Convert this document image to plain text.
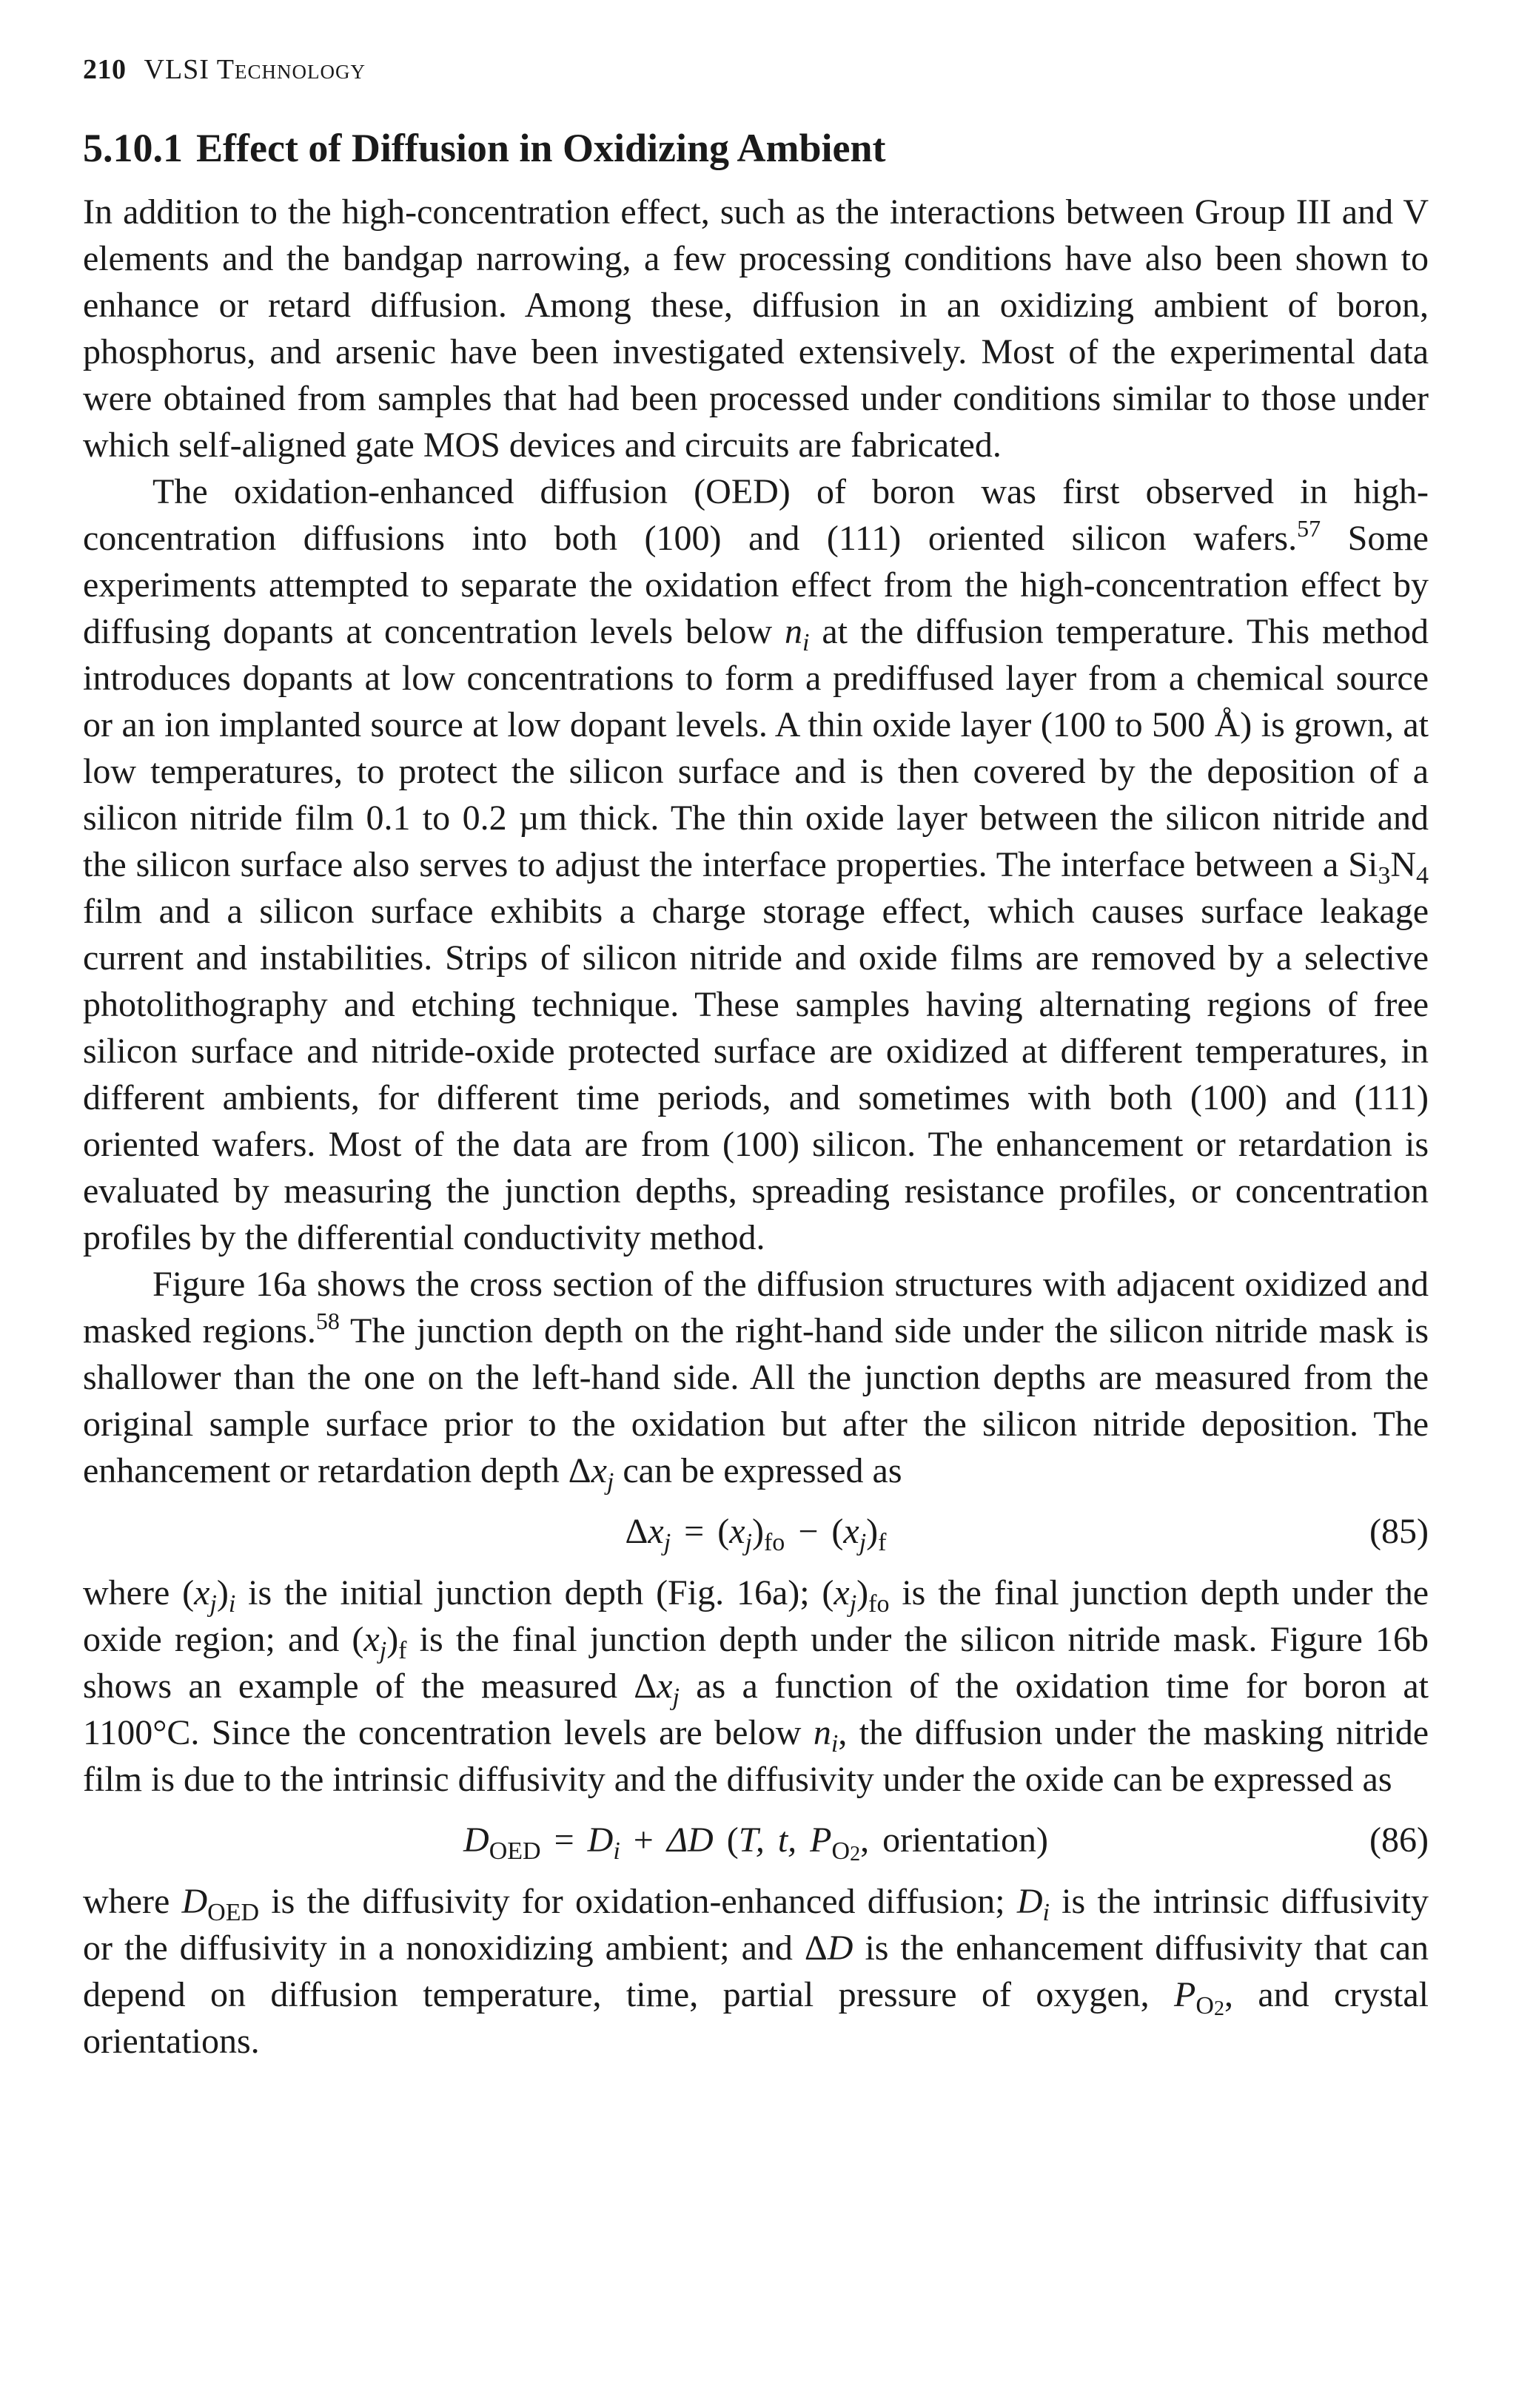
210 VLSI Technology
5.10.1 Effect of Diffusion in Oxidizing Ambient

In addition to the high-concentration effect, such as the interactions between Group III and V elements and the bandgap narrowing, a few processing conditions have also been shown to enhance or retard diffusion. Among these, diffusion in an oxidizing ambient of boron, phosphorus, and arsenic have been investigated extensively. Most of the experimental data were obtained from samples that had been processed under conditions similar to those under which self-aligned gate MOS devices and circuits are fabricated.

The oxidation-enhanced diffusion (OED) of boron was first observed in high-concentration diffusions into both (100) and (111) oriented silicon wafers.$^{57}$ Some experiments attempted to separate the oxidation effect from the high-concentration effect by diffusing dopants at concentration levels below $n_i$ at the diffusion temperature. This method introduces dopants at low concentrations to form a prediffused layer from a chemical source or an ion implanted source at low dopant levels. A thin oxide layer (100 to 500 Å) is grown, at low temperatures, to protect the silicon surface and is then covered by the deposition of a silicon nitride film 0.1 to 0.2 µm thick. The thin oxide layer between the silicon nitride and the silicon surface also serves to adjust the interface properties. The interface between a $Si_3N_4$ film and a silicon surface exhibits a charge storage effect, which causes surface leakage current and instabilities. Strips of silicon nitride and oxide films are removed by a selective photolithography and etching technique. These samples having alternating regions of free silicon surface and nitride-oxide protected surface are oxidized at different temperatures, in different ambients, for different time periods, and sometimes with both (100) and (111) oriented wafers. Most of the data are from (100) silicon. The enhancement or retardation is evaluated by measuring the junction depths, spreading resistance profiles, or concentration profiles by the differential conductivity method.

Figure 16a shows the cross section of the diffusion structures with adjacent oxidized and masked regions.$^{58}$ The junction depth on the right-hand side under the silicon nitride mask is shallower than the one on the left-hand side. All the junction depths are measured from the original sample surface prior to the oxidation but after the silicon nitride deposition. The enhancement or retardation depth $\Delta x_j$ can be expressed as

$\Delta x_j = (x_j)_{fo} - (x_j)_f$	(85)

where $(x_j)_i$ is the initial junction depth (Fig. 16a); $(x_j)_{fo}$ is the final junction depth under the oxide region; and $(x_j)_f$ is the final junction depth under the silicon nitride mask. Figure 16b shows an example of the measured $\Delta x_j$ as a function of the oxidation time for boron at 1100°C. Since the concentration levels are below $n_i$, the diffusion under the masking nitride film is due to the intrinsic diffusivity and the diffusivity under the oxide can be expressed as

$D_{OED} = D_i + \Delta D$ (T, t, $P_{O2}$, orientation)	(86)

where $D_{OED}$ is the diffusivity for oxidation-enhanced diffusion; $D_i$ is the intrinsic diffusivity or the diffusivity in a nonoxidizing ambient; and ΔD is the enhancement diffusivity that can depend on diffusion temperature, time, partial pressure of oxygen, $P_{O2}$, and crystal orientations.
